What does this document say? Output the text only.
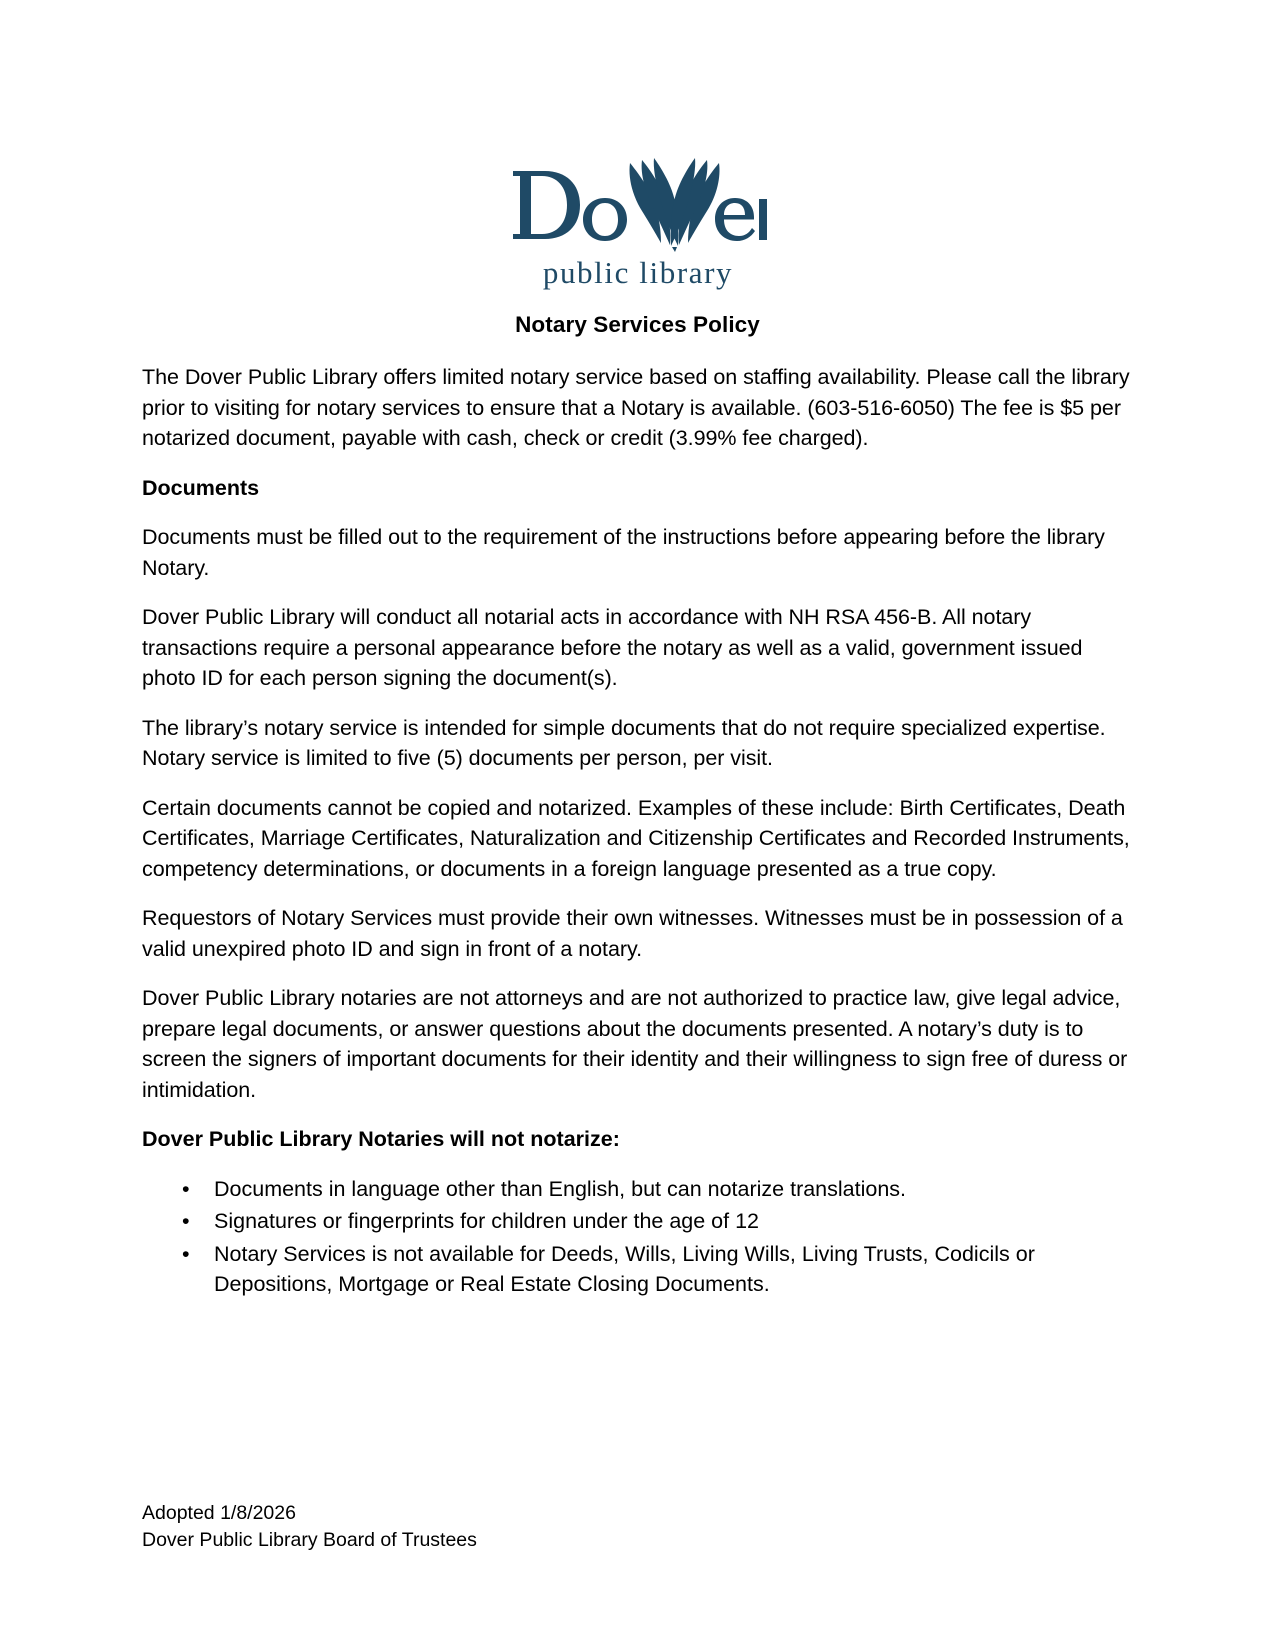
public library
Notary Services Policy

The Dover Public Library offers limited notary service based on staffing availability. Please call the library prior to visiting for notary services to ensure that a Notary is available. (603-516-6050) The fee is $5 per notarized document, payable with cash, check or credit (3.99% fee charged).

Documents

Documents must be filled out to the requirement of the instructions before appearing before the library Notary.

Dover Public Library will conduct all notarial acts in accordance with NH RSA 456-B. All notary transactions require a personal appearance before the notary as well as a valid, government issued photo ID for each person signing the document(s).

The library’s notary service is intended for simple documents that do not require specialized expertise. Notary service is limited to five (5) documents per person, per visit.

Certain documents cannot be copied and notarized. Examples of these include: Birth Certificates, Death Certificates, Marriage Certificates, Naturalization and Citizenship Certificates and Recorded Instruments, competency determinations, or documents in a foreign language presented as a true copy.

Requestors of Notary Services must provide their own witnesses. Witnesses must be in possession of a valid unexpired photo ID and sign in front of a notary.

Dover Public Library notaries are not attorneys and are not authorized to practice law, give legal advice, prepare legal documents, or answer questions about the documents presented. A notary’s duty is to screen the signers of important documents for their identity and their willingness to sign free of duress or intimidation.

Dover Public Library Notaries will not notarize:
• Documents in language other than English, but can notarize translations.
• Signatures or fingerprints for children under the age of 12
• Notary Services is not available for Deeds, Wills, Living Wills, Living Trusts, Codicils or Depositions, Mortgage or Real Estate Closing Documents.

Adopted 1/8/2026

Dover Public Library Board of Trustees
